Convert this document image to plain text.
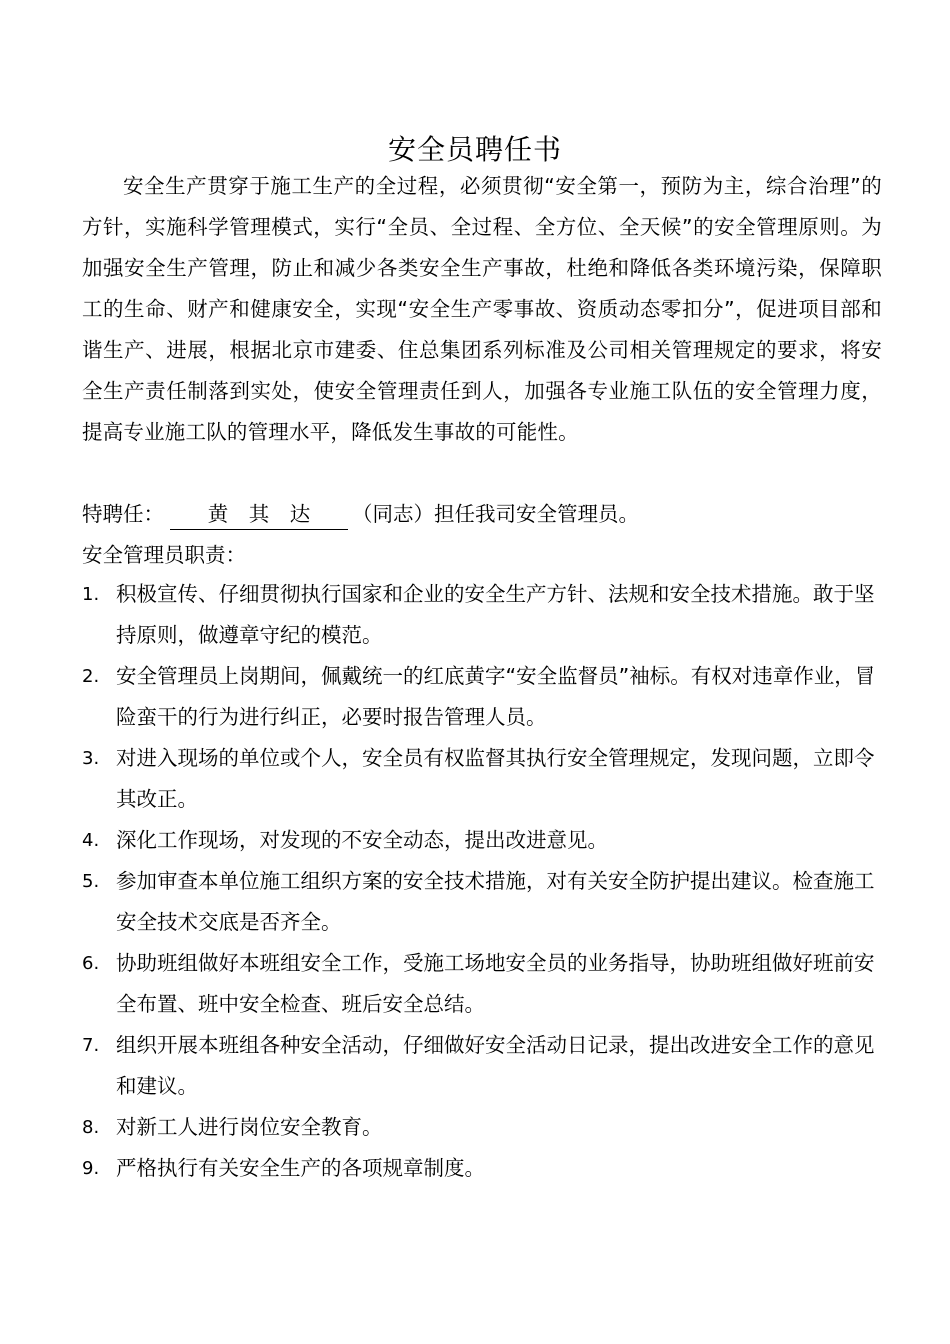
安全员聘任书
安全生产贯穿于施工生产的全过程，必须贯彻“安全第一，预防为主，综合治理”的方针，实施科学管理模式，实行“全员、全过程、全方位、全天候”的安全管理原则。为加强安全生产管理，防止和减少各类安全生产事故，杜绝和降低各类环境污染，保障职工的生命、财产和健康安全，实现“安全生产零事故、资质动态零扣分”，促进项目部和谐生产、进展，根据北京市建委、住总集团系列标准及公司相关管理规定的要求，将安全生产责任制落到实处，使安全管理责任到人，加强各专业施工队伍的安全管理力度，提高专业施工队的管理水平，降低发生事故的可能性。
特聘任： 黄　其　达 （同志）担任我司安全管理员。
安全管理员职责：
1. 积极宣传、仔细贯彻执行国家和企业的安全生产方针、法规和安全技术措施。敢于坚持原则，做遵章守纪的模范。
2. 安全管理员上岗期间，佩戴统一的红底黄字“安全监督员”袖标。有权对违章作业，冒险蛮干的行为进行纠正，必要时报告管理人员。
3. 对进入现场的单位或个人，安全员有权监督其执行安全管理规定，发现问题，立即令其改正。
4. 深化工作现场，对发现的不安全动态，提出改进意见。
5. 参加审查本单位施工组织方案的安全技术措施，对有关安全防护提出建议。检查施工安全技术交底是否齐全。
6. 协助班组做好本班组安全工作，受施工场地安全员的业务指导，协助班组做好班前安全布置、班中安全检查、班后安全总结。
7. 组织开展本班组各种安全活动，仔细做好安全活动日记录，提出改进安全工作的意见和建议。
8. 对新工人进行岗位安全教育。
9. 严格执行有关安全生产的各项规章制度。
